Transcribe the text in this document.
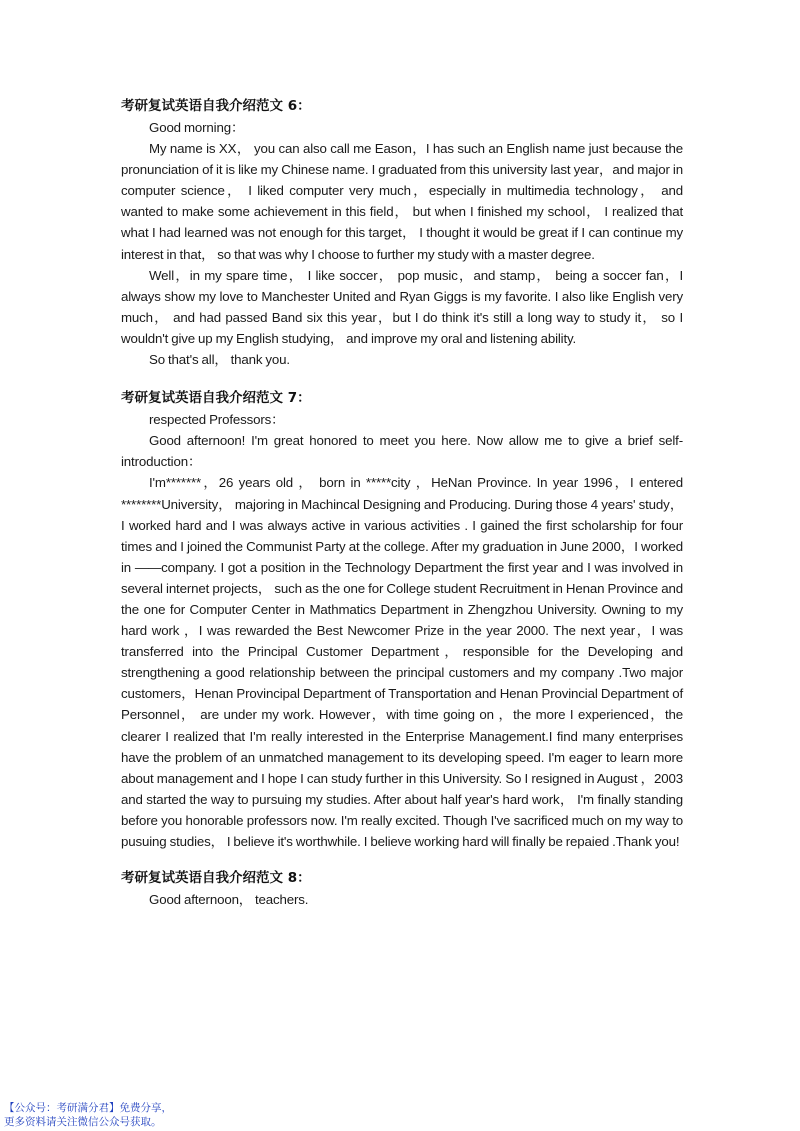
考研复试英语自我介绍范文 6：

Good morning：

My name is XX， you can also call me Eason，I has such an English name just because the pronunciation of it is like my Chinese name. I graduated from this university last year，and major in computer science， I liked computer very much，especially in multimedia technology， and wanted to make some achievement in this field， but when I finished my school， I realized that what I had learned was not enough for this target， I thought it would be great if I can continue my interest in that， so that was why I choose to further my study with a master degree.

Well，in my spare time， I like soccer， pop music，and stamp， being a soccer fan，I always show my love to Manchester United and Ryan Giggs is my favorite. I also like English very much， and had passed Band six this year，but I do think it's still a long way to study it， so I wouldn't give up my English studying， and improve my oral and listening ability.

So that's all， thank you.

考研复试英语自我介绍范文 7：

respected Professors：

Good afternoon! I'm great honored to meet you here. Now allow me to give a brief self-introduction：

I'm*******，26 years old ， born in *****city ，HeNan Province. In year 1996，I entered ********University， majoring in Machincal Designing and Producing. During those 4 years' study，I worked hard and I was always active in various activities . I gained the first scholarship for four times and I joined the Communist Party at the college. After my graduation in June 2000，I worked in ——company. I got a position in the Technology Department the first year and I was involved in several internet projects， such as the one for College student Recruitment in Henan Province and the one for Computer Center in Mathmatics Department in Zhengzhou University. Owning to my hard work ，I was rewarded the Best Newcomer Prize in the year 2000. The next year，I was transferred into the Principal Customer Department，responsible for the Developing and strengthening a good relationship between the principal customers and my company .Two major customers，Henan Provincipal Department of Transportation and Henan Provincial Department of Personnel， are under my work. However，with time going on ，the more I experienced，the clearer I realized that I'm really interested in the Enterprise Management.I find many enterprises have the problem of an unmatched management to its developing speed. I'm eager to learn more about management and I hope I can study further in this University. So I resigned in August ，2003 and started the way to pursuing my studies. After about half year's hard work， I'm finally standing before you honorable professors now. I'm really excited. Though I've sacrificed much on my way to pusuing studies， I believe it's worthwhile. I believe working hard will finally be repaied .Thank you!

考研复试英语自我介绍范文 8：

Good afternoon， teachers.

【公众号：考研满分君】免费分享，
更多资料请关注微信公众号获取。
